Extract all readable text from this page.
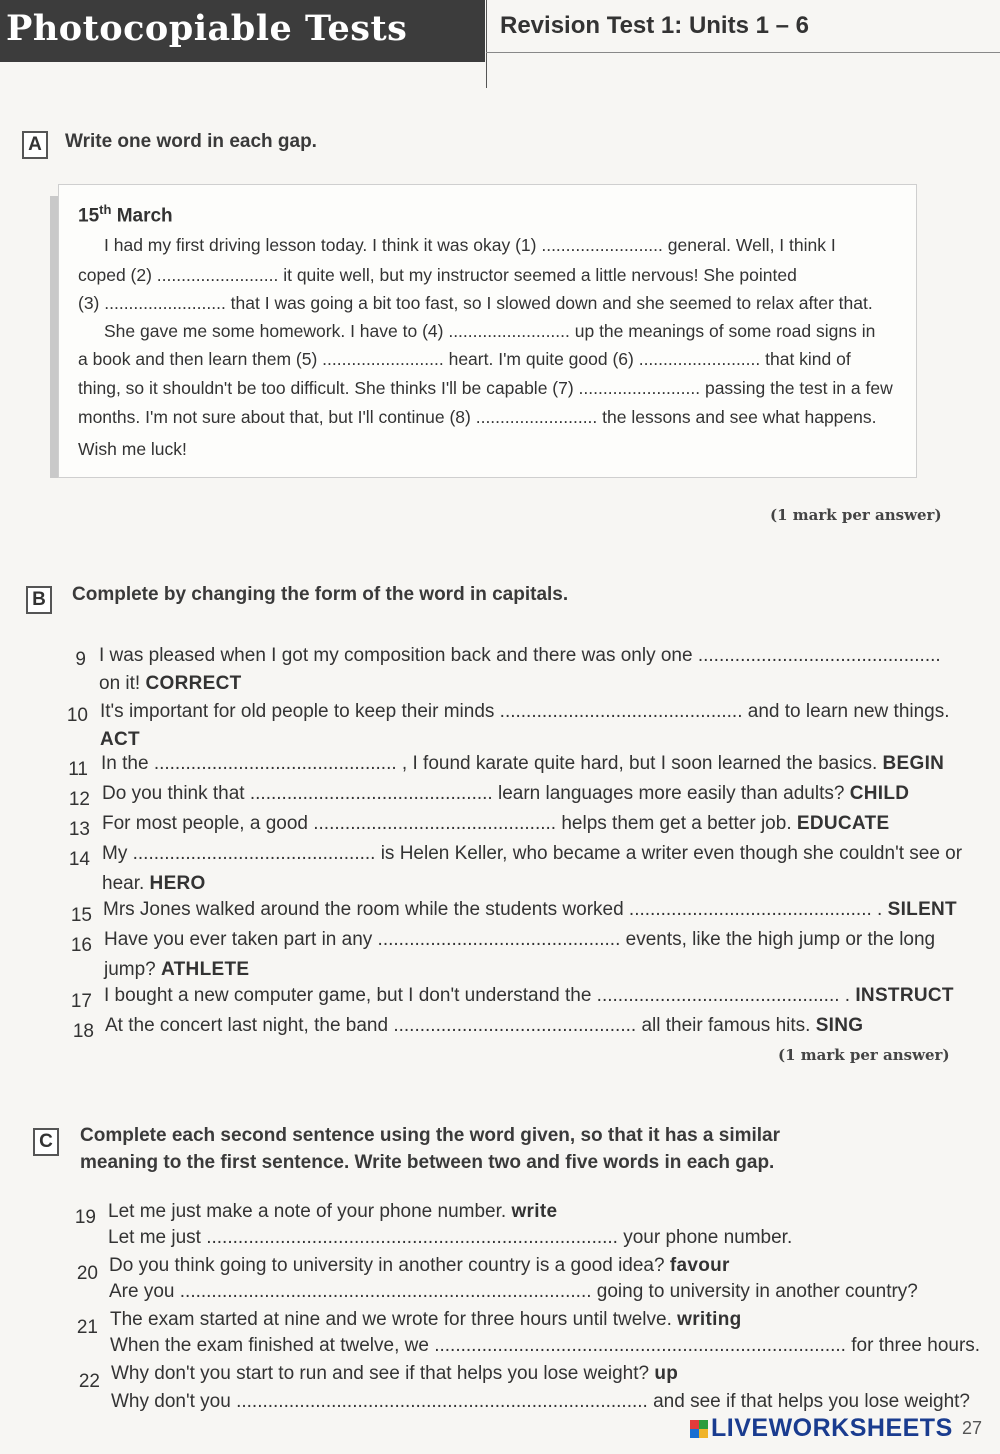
Photocopiable Tests	Revision Test 1: Units 1 – 6
A	Write one word in each gap.
15th March
I had my first driving lesson today. I think it was okay (1) ......................... general. Well, I think I
coped (2) ......................... it quite well, but my instructor seemed a little nervous! She pointed
(3) ......................... that I was going a bit too fast, so I slowed down and she seemed to relax after that.
She gave me some homework. I have to (4) ......................... up the meanings of some road signs in
a book and then learn them (5) ......................... heart. I'm quite good (6) ......................... that kind of
thing, so it shouldn't be too difficult. She thinks I'll be capable (7) ......................... passing the test in a few
months. I'm not sure about that, but I'll continue (8) ......................... the lessons and see what happens.
Wish me luck!
(1 mark per answer)
B	Complete by changing the form of the word in capitals.
9 I was pleased when I got my composition back and there was only one ..............................................
on it! CORRECT
10 It's important for old people to keep their minds .............................................. and to learn new things.
ACT
11 In the .............................................. , I found karate quite hard, but I soon learned the basics. BEGIN
12 Do you think that .............................................. learn languages more easily than adults? CHILD
13 For most people, a good .............................................. helps them get a better job. EDUCATE
14 My .............................................. is Helen Keller, who became a writer even though she couldn't see or
hear. HERO
15 Mrs Jones walked around the room while the students worked .............................................. . SILENT
16 Have you ever taken part in any .............................................. events, like the high jump or the long
jump? ATHLETE
17 I bought a new computer game, but I don't understand the .............................................. . INSTRUCT
18 At the concert last night, the band .............................................. all their famous hits. SING
(1 mark per answer)
C	Complete each second sentence using the word given, so that it has a similar
meaning to the first sentence. Write between two and five words in each gap.
19 Let me just make a note of your phone number. write
Let me just .............................................................................. your phone number.
20 Do you think going to university in another country is a good idea? favour
Are you .............................................................................. going to university in another country?
21 The exam started at nine and we wrote for three hours until twelve. writing
When the exam finished at twelve, we .............................................................................. for three hours.
22 Why don't you start to run and see if that helps you lose weight? up
Why don't you .............................................................................. and see if that helps you lose weight?
LIVEWORKSHEETS 27
